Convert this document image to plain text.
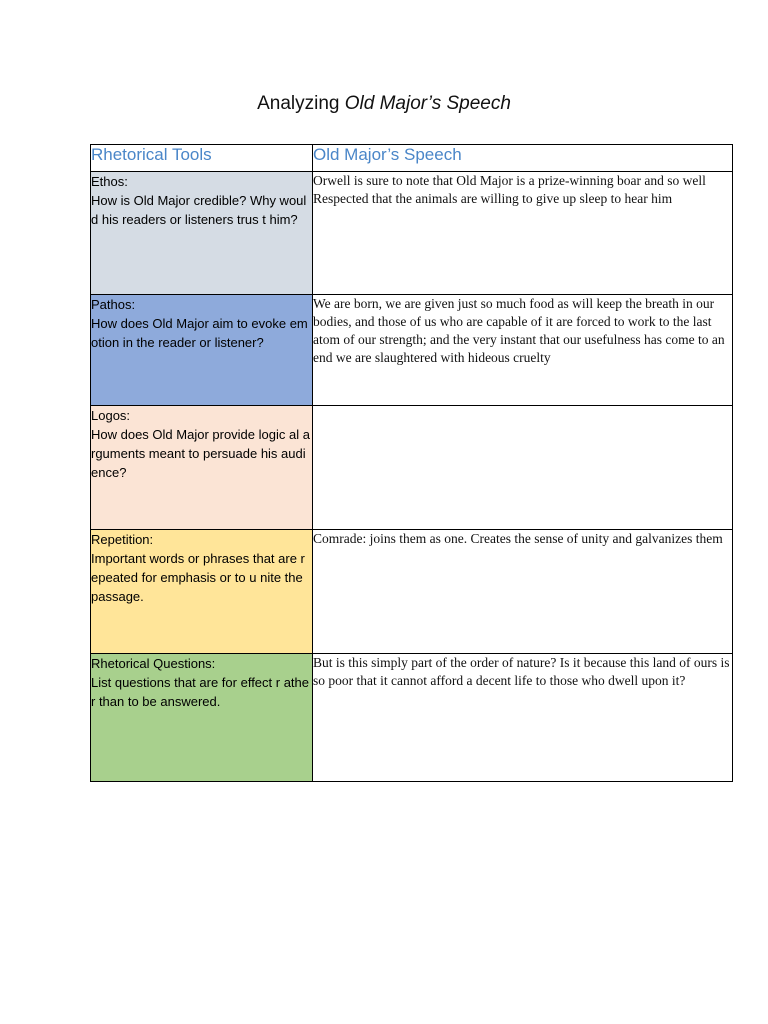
Analyzing Old Major’s Speech
Rhetorical Tools	Old Major’s Speech

Ethos:
How is Old Major credible? Why would his readers or listeners trus t him?	Orwell is sure to note that Old Major is a prize-winning boar and so well Respected that the animals are willing to give up sleep to hear him

Pathos:
How does Old Major aim to evoke emotion in the reader or listener?	We are born, we are given just so much food as will keep the breath in our bodies, and those of us who are capable of it are forced to work to the last atom of our strength; and the very instant that our usefulness has come to an end we are slaughtered with hideous cruelty

Logos:
How does Old Major provide logic al arguments meant to persuade his audience?	

Repetition:
Important words or phrases that are repeated for emphasis or to u nite the passage.	Comrade: joins them as one. Creates the sense of unity and galvanizes them

Rhetorical Questions:
List questions that are for effect r ather than to be answered.	But is this simply part of the order of nature? Is it because this land of ours is so poor that it cannot afford a decent life to those who dwell upon it?
